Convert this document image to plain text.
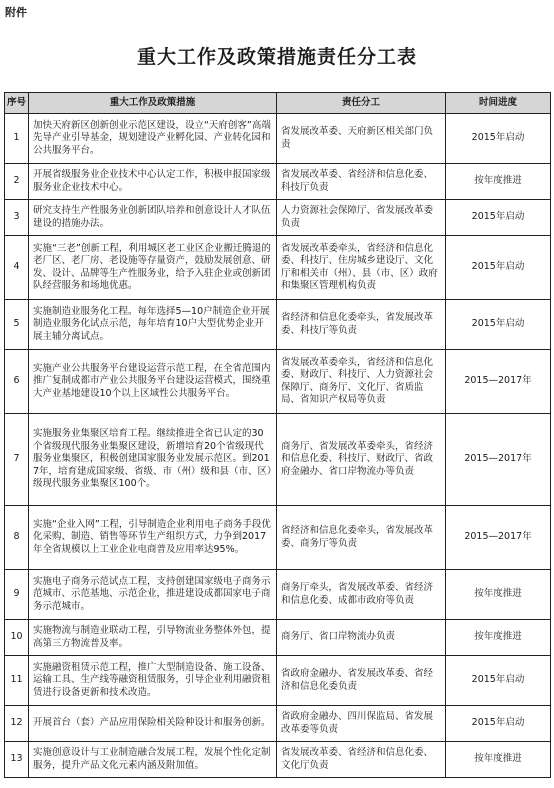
附件
重大工作及政策措施责任分工表
序号	重大工作及政策措施	责任分工	时间进度
1	加快天府新区创新创业示范区建设，设立“天府创客”高端先导产业引导基金，规划建设产业孵化园、产业转化园和公共服务平台。	省发展改革委、天府新区相关部门负责	2015年启动
2	开展省级服务业企业技术中心认定工作，积极申报国家级服务业企业技术中心。	省发展改革委、省经济和信息化委、科技厅负责	按年度推进
3	研究支持生产性服务业创新团队培养和创意设计人才队伍建设的措施办法。	人力资源社会保障厅、省发展改革委负责	2015年启动
4	实施“三老”创新工程，利用城区老工业区企业搬迁腾退的老厂区、老厂房、老设施等存量资产，鼓励发展创意、研发、设计、品牌等生产性服务业，给予入驻企业或创新团队经营服务和场地优惠。	省发展改革委牵头，省经济和信息化委、科技厅、住房城乡建设厅、文化厅和相关市（州）、县（市、区）政府和集聚区管理机构负责	2015年启动
5	实施制造业服务化工程。每年选择5—10户制造企业开展制造业服务化试点示范，每年培育10户大型优势企业开展主辅分离试点。	省经济和信息化委牵头，省发展改革委、科技厅等负责	2015年启动
6	实施产业公共服务平台建设运营示范工程，在全省范围内推广复制成都市产业公共服务平台建设运营模式，围绕重大产业基地建设10个以上区域性公共服务平台。	省发展改革委牵头，省经济和信息化委、财政厅、科技厅、人力资源社会保障厅、商务厅、文化厅、省质监局、省知识产权局等负责	2015—2017年
7	实施服务业集聚区培育工程。继续推进全省已认定的30个省级现代服务业集聚区建设，新增培育20个省级现代服务业集聚区，积极创建国家服务业发展示范区。到2017年，培育建成国家级、省级、市（州）级和县（市、区）级现代服务业集聚区100个。	商务厅、省发展改革委牵头，省经济和信息化委、科技厅、财政厅、省政府金融办、省口岸物流办等负责	2015—2017年
8	实施“企业入网”工程，引导制造企业利用电子商务手段优化采购、制造、销售等环节生产组织方式，力争到2017年全省规模以上工业企业电商普及应用率达95%。	省经济和信息化委牵头，省发展改革委、商务厅等负责	2015—2017年
9	实施电子商务示范试点工程，支持创建国家级电子商务示范城市、示范基地、示范企业，推进建设成都国家电子商务示范城市。	商务厅牵头，省发展改革委、省经济和信息化委、成都市政府等负责	按年度推进
10	实施物流与制造业联动工程，引导物流业务整体外包，提高第三方物流普及率。	商务厅、省口岸物流办负责	按年度推进
11	实施融资租赁示范工程，推广大型制造设备、施工设备、运输工具、生产线等融资租赁服务，引导企业利用融资租赁进行设备更新和技术改造。	省政府金融办、省发展改革委、省经济和信息化委负责	2015年启动
12	开展首台（套）产品应用保险相关险种设计和服务创新。	省政府金融办、四川保监局、省发展改革委等负责	2015年启动
13	实施创意设计与工业制造融合发展工程，发展个性化定制服务，提升产品文化元素内涵及附加值。	省发展改革委、省经济和信息化委、文化厅负责	按年度推进
